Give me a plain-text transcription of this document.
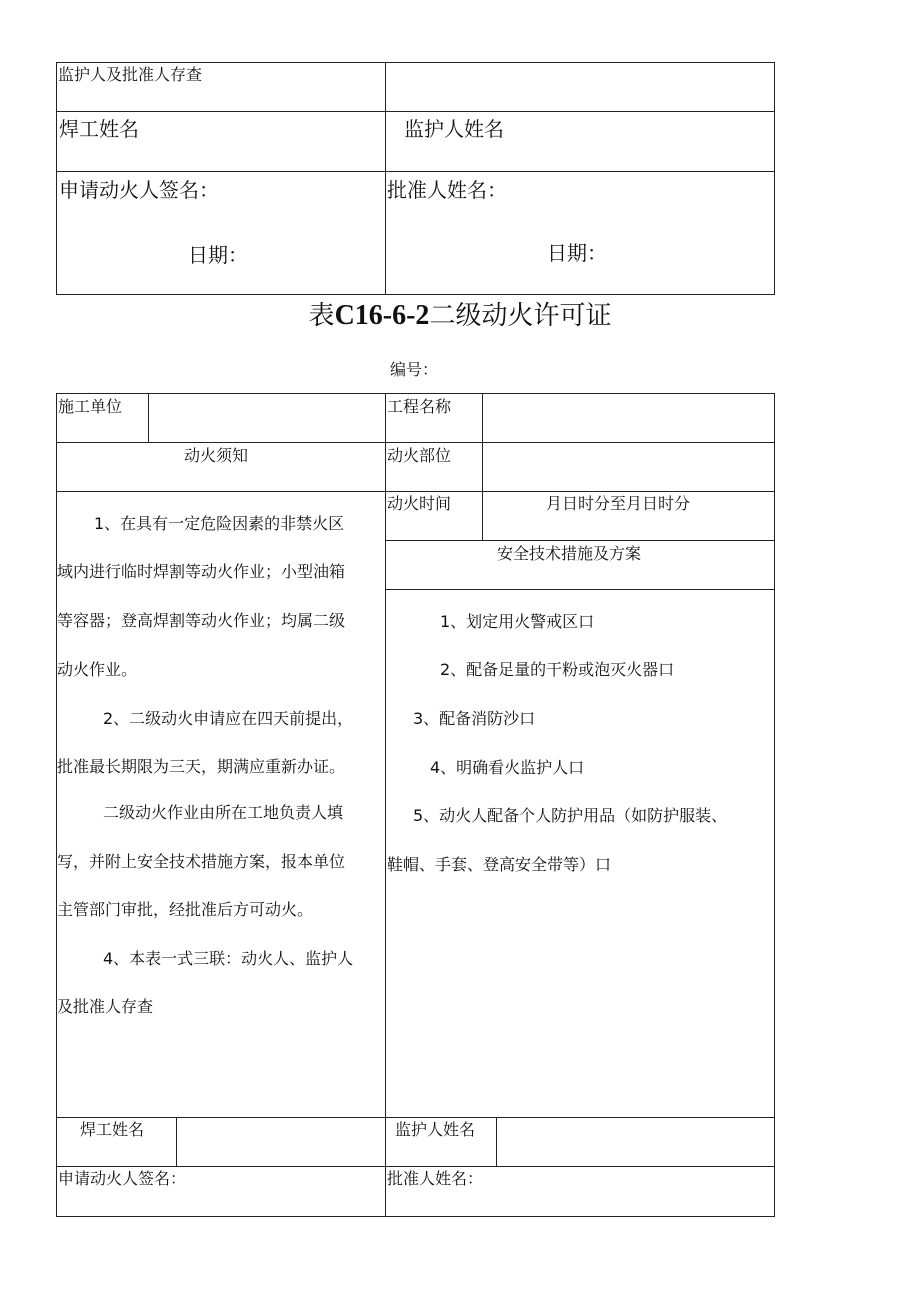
监护人及批准人存查
焊工姓名	监护人姓名
申请动火人签名：	批准人姓名：
日期：	日期：
表C16-6-2二级动火许可证
编号：
施工单位	工程名称
动火须知	动火部位
动火时间	月日时分至月日时分
安全技术措施及方案
1、在具有一定危险因素的非禁火区
域内进行临时焊割等动火作业；小型油箱
等容器；登高焊割等动火作业；均属二级
动火作业。
2、二级动火申请应在四天前提出，
批准最长期限为三天，期满应重新办证。
二级动火作业由所在工地负责人填
写，并附上安全技术措施方案，报本单位
主管部门审批，经批准后方可动火。
4、本表一式三联：动火人、监护人
及批准人存查
1、划定用火警戒区口
2、配备足量的干粉或泡灭火器口
3、配备消防沙口
4、明确看火监护人口
5、动火人配备个人防护用品（如防护服装、
鞋帽、手套、登高安全带等）口
焊工姓名	监护人姓名
申请动火人签名：	批准人姓名：
